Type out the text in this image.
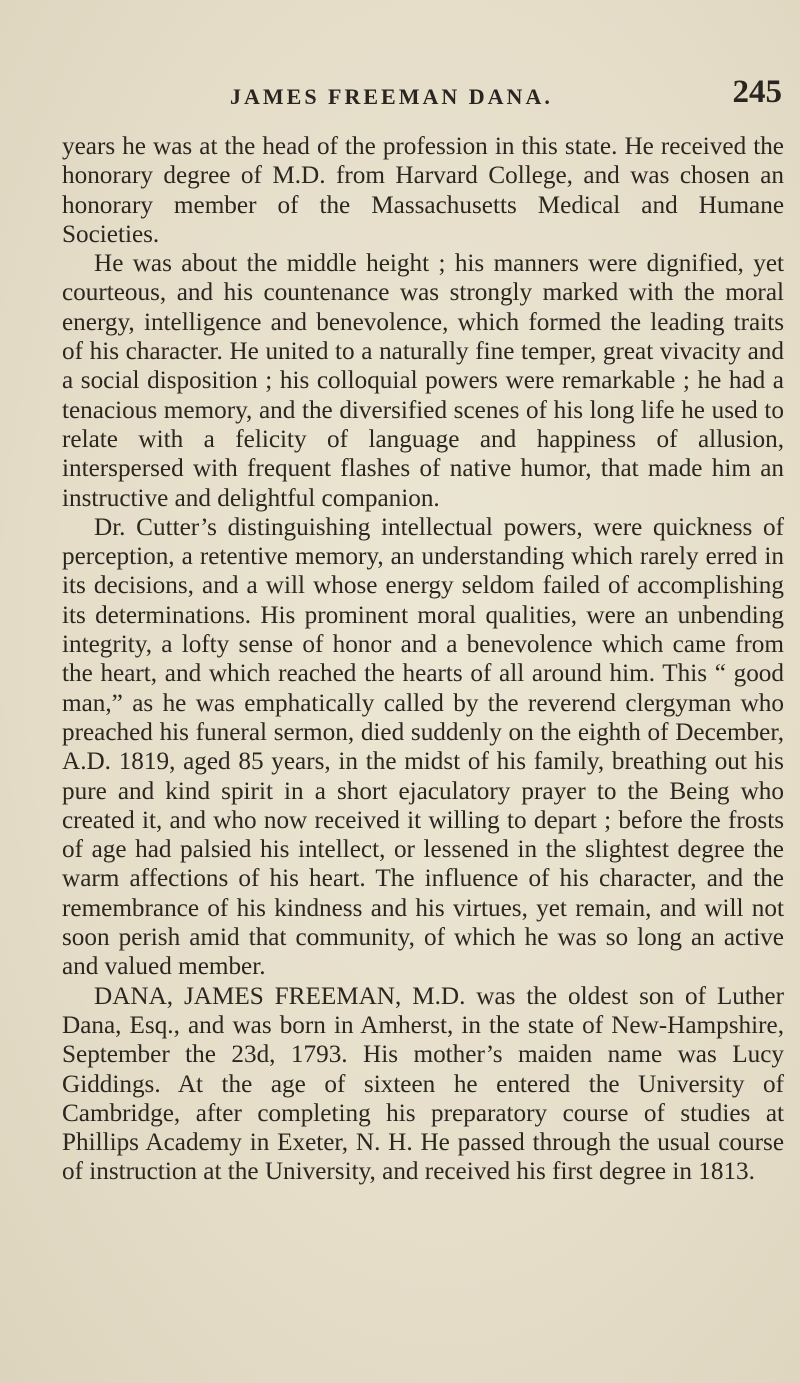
JAMES FREEMAN DANA.	245

years he was at the head of the profession in this state. He received the honorary degree of M.D. from Harvard College, and was chosen an honorary member of the Massachusetts Medical and Humane Societies.

He was about the middle height ; his manners were dignified, yet courteous, and his countenance was strongly marked with the moral energy, intelligence and benevolence, which formed the leading traits of his character. He united to a naturally fine temper, great vivacity and a social disposition ; his colloquial powers were remarkable ; he had a tenacious memory, and the diversified scenes of his long life he used to relate with a felicity of language and happiness of allusion, interspersed with frequent flashes of native humor, that made him an instructive and delightful companion.

Dr. Cutter’s distinguishing intellectual powers, were quickness of perception, a retentive memory, an understanding which rarely erred in its decisions, and a will whose energy seldom failed of accomplishing its determinations. His prominent moral qualities, were an unbending integrity, a lofty sense of honor and a benevolence which came from the heart, and which reached the hearts of all around him. This “ good man,” as he was emphatically called by the reverend clergyman who preached his funeral sermon, died suddenly on the eighth of December, A.D. 1819, aged 85 years, in the midst of his family, breathing out his pure and kind spirit in a short ejaculatory prayer to the Being who created it, and who now received it willing to depart ; before the frosts of age had palsied his intellect, or lessened in the slightest degree the warm affections of his heart. The influence of his character, and the remembrance of his kindness and his virtues, yet remain, and will not soon perish amid that community, of which he was so long an active and valued member.

DANA, JAMES FREEMAN, M.D. was the oldest son of Luther Dana, Esq., and was born in Amherst, in the state of New-Hampshire, September the 23d, 1793. His mother’s maiden name was Lucy Giddings. At the age of sixteen he entered the University of Cambridge, after completing his preparatory course of studies at Phillips Academy in Exeter, N. H. He passed through the usual course of instruction at the University, and received his first degree in 1813.
